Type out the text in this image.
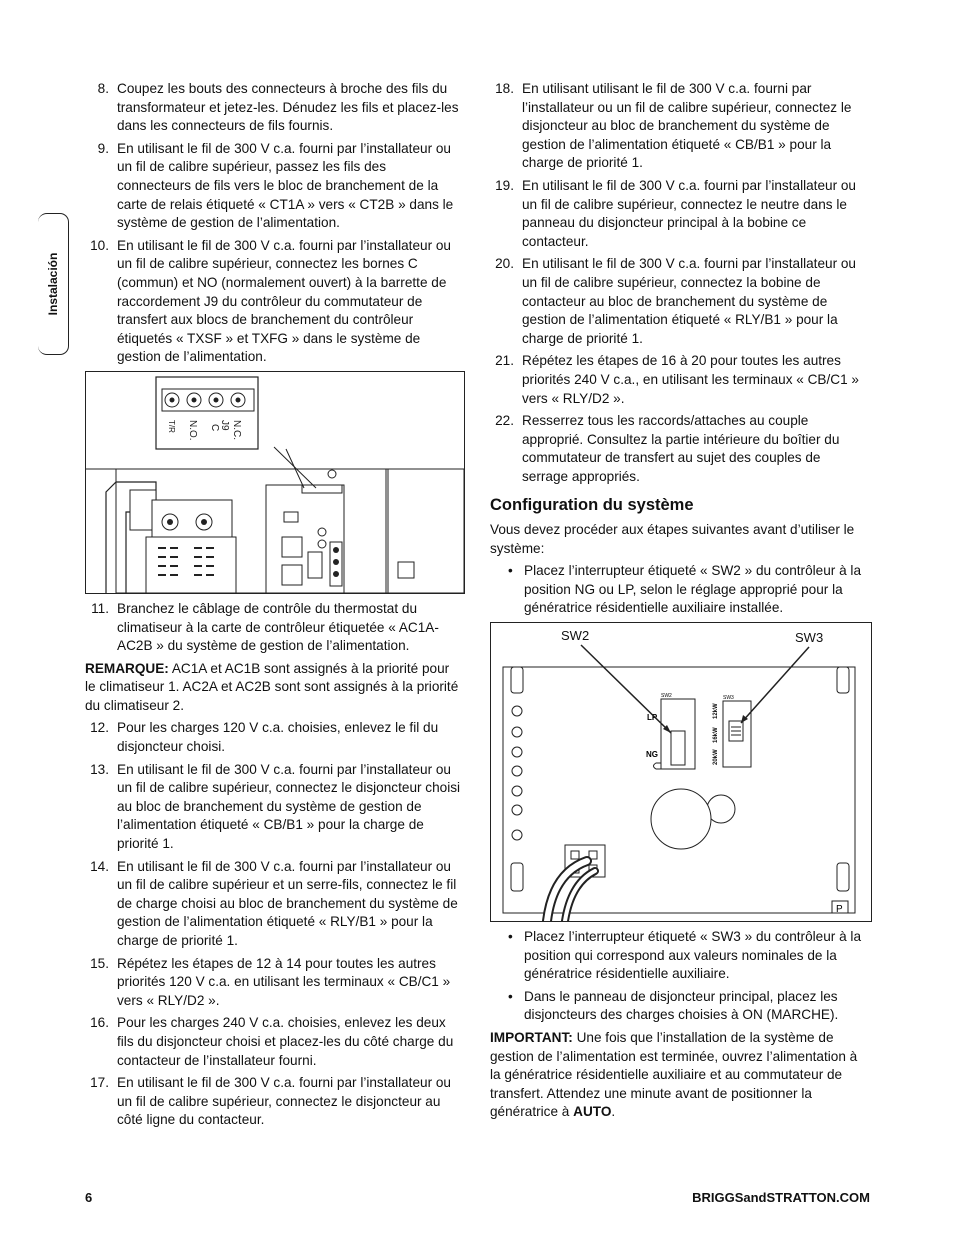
Instalación
8. Coupez les bouts des connecteurs à broche des fils du transformateur et jetez-les. Dénudez les fils et placez-les dans les connecteurs de fils fournis.
9. En utilisant le fil de 300 V c.a. fourni par l’installateur ou un fil de calibre supérieur, passez les fils des connecteurs de fils vers le bloc de branchement de la carte de relais étiqueté « CT1A » vers « CT2B » dans le système de gestion de l’alimentation.
10. En utilisant le fil de 300 V c.a. fourni par l’installateur ou un fil de calibre supérieur, connectez les bornes C (commun) et NO (normalement ouvert) à la barrette de raccordement J9 du contrôleur du commutateur de transfert aux blocs de branchement du contrôleur étiquetés « TXSF » et TXFG » dans le système de gestion de l’alimentation.
T/R N.O. C J9 N.C.
11. Branchez le câblage de contrôle du thermostat du climatiseur à la carte de contrôleur étiquetée « AC1A-AC2B » du système de gestion de l’alimentation.
REMARQUE: AC1A et AC1B sont assignés à la priorité pour le climatiseur 1. AC2A et AC2B sont sont assignés à la priorité du climatiseur 2.
12. Pour les charges 120 V c.a. choisies, enlevez le fil du disjoncteur choisi.
13. En utilisant le fil de 300 V c.a. fourni par l’installateur ou un fil de calibre supérieur, connectez le disjoncteur choisi au bloc de branchement du système de gestion de l’alimentation étiqueté « CB/B1 » pour la charge de priorité 1.
14. En utilisant le fil de 300 V c.a. fourni par l’installateur ou un fil de calibre supérieur et un serre-fils, connectez le fil de charge choisi au bloc de branchement du système de gestion de l’alimentation étiqueté « RLY/B1 » pour la charge de priorité 1.
15. Répétez les étapes de 12 à 14 pour toutes les autres priorités 120 V c.a. en utilisant les terminaux « CB/C1 » vers « RLY/D2 ».
16. Pour les charges 240 V c.a. choisies, enlevez les deux fils du disjoncteur choisi et placez-les du côté charge du contacteur de l’installateur fourni.
17. En utilisant le fil de 300 V c.a. fourni par l’installateur ou un fil de calibre supérieur, connectez le disjoncteur au côté ligne du contacteur.
18. En utilisant utilisant le fil de 300 V c.a. fourni par l’installateur ou un fil de calibre supérieur, connectez le disjoncteur au bloc de branchement du système de gestion de l’alimentation étiqueté « CB/B1 » pour la charge de priorité 1.
19. En utilisant le fil de 300 V c.a. fourni par l’installateur ou un fil de calibre supérieur, connectez le neutre dans le panneau du disjoncteur principal à la bobine ce contacteur.
20. En utilisant le fil de 300 V c.a. fourni par l’installateur ou un fil de calibre supérieur, connectez la bobine de contacteur au bloc de branchement du système de gestion de l’alimentation étiqueté « RLY/B1 » pour la charge de priorité 1.
21. Répétez les étapes de 16 à 20 pour toutes les autres priorités 240 V c.a., en utilisant les terminaux « CB/C1 » vers « RLY/D2 ».
22. Resserrez tous les raccords/attaches au couple approprié. Consultez la partie intérieure du boîtier du commutateur de transfert au sujet des couples de serrage appropriés.
Configuration du système
Vous devez procéder aux étapes suivantes avant d’utiliser le système:
• Placez l’interrupteur étiqueté « SW2 » du contrôleur à la position NG ou LP, selon le réglage approprié pour la génératrice résidentielle auxiliaire installée.
SW2	SW3
P
SW2
LP
NG
SW3
12kW
16kW
20kW
• Placez l’interrupteur étiqueté « SW3 » du contrôleur à la position qui correspond aux valeurs nominales de la génératrice résidentielle auxiliaire.
• Dans le panneau de disjoncteur principal, placez les disjoncteurs des charges choisies à ON (MARCHE).
IMPORTANT: Une fois que l’installation de la système de gestion de l’alimentation est terminée, ouvrez l’alimentation à la génératrice résidentielle auxiliaire et au commutateur de transfert. Attendez une minute avant de positionner la génératrice à AUTO.
6	BRIGGSandSTRATTON.COM
